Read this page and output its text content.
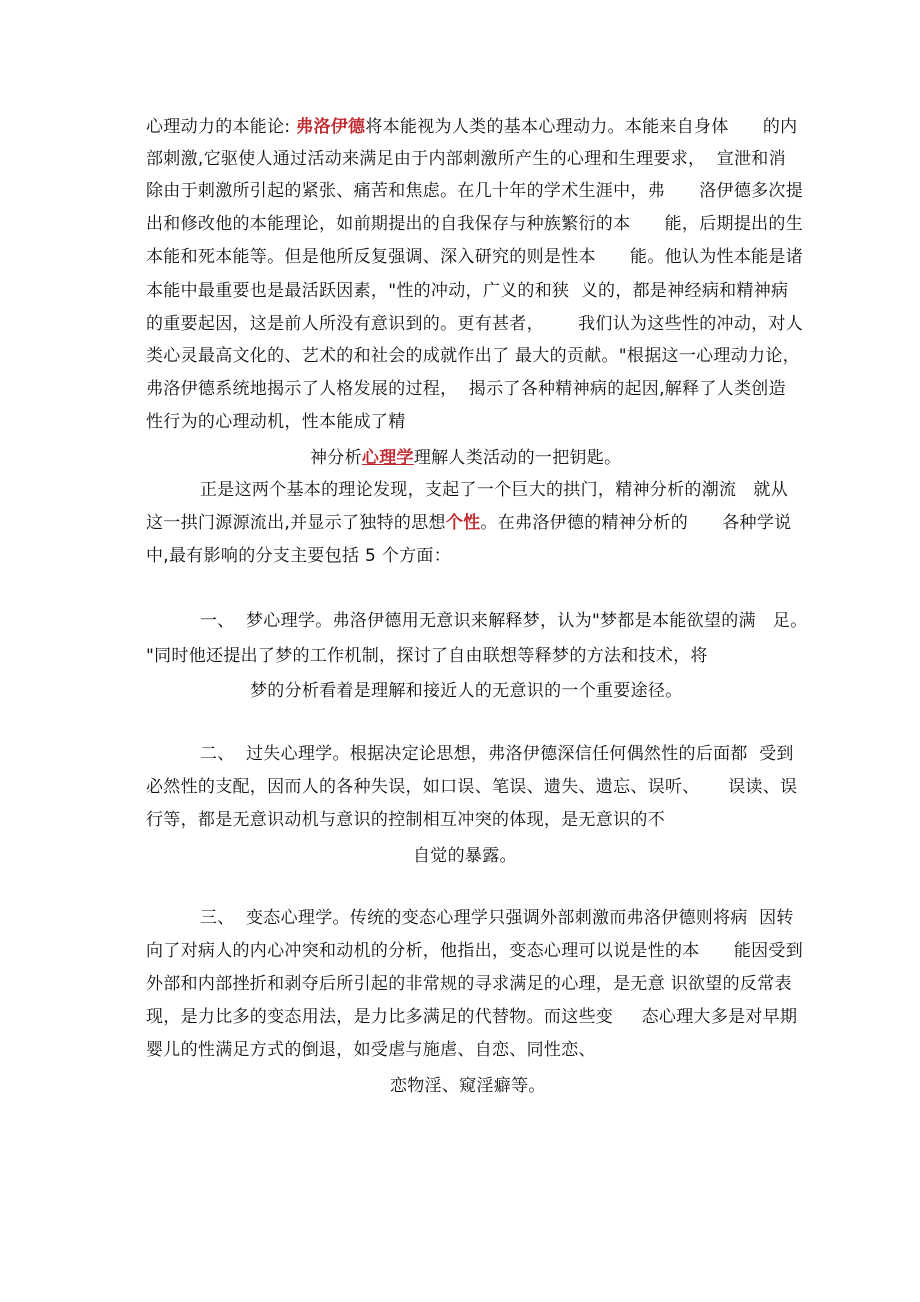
心理动力的本能论: 弗洛伊德将本能视为人类的基本心理动力。本能来自身体      的内
部刺激,它驱使人通过活动来满足由于内部刺激所产生的心理和生理要求，  宣泄和消
除由于刺激所引起的紧张、痛苦和焦虑。在几十年的学术生涯中，弗      洛伊德多次提
出和修改他的本能理论，如前期提出的自我保存与种族繁衍的本      能，后期提出的生
本能和死本能等。但是他所反复强调、深入研究的则是性本      能。他认为性本能是诸
本能中最重要也是最活跃因素，"性的冲动，广义的和狭  义的，都是神经病和精神病
的重要起因，这是前人所没有意识到的。更有甚者，      我们认为这些性的冲动，对人
类心灵最高文化的、艺术的和社会的成就作出了 最大的贡献。"根据这一心理动力论，
弗洛伊德系统地揭示了人格发展的过程，  揭示了各种精神病的起因,解释了人类创造
性行为的心理动机，性本能成了精
神分析心理学理解人类活动的一把钥匙。
正是这两个基本的理论发现，支起了一个巨大的拱门，精神分析的潮流   就从
这一拱门源源流出,并显示了独特的思想个性。在弗洛伊德的精神分析的      各种学说
中,最有影响的分支主要包括 5 个方面：
一、  梦心理学。弗洛伊德用无意识来解释梦，认为"梦都是本能欲望的满   足。
"同时他还提出了梦的工作机制，探讨了自由联想等释梦的方法和技术，将
梦的分析看着是理解和接近人的无意识的一个重要途径。
二、  过失心理学。根据决定论思想，弗洛伊德深信任何偶然性的后面都  受到
必然性的支配，因而人的各种失误，如口误、笔误、遗失、遗忘、误听、     误读、误
行等，都是无意识动机与意识的控制相互冲突的体现，是无意识的不
自觉的暴露。
三、  变态心理学。传统的变态心理学只强调外部刺激而弗洛伊德则将病  因转
向了对病人的内心冲突和动机的分析，他指出，变态心理可以说是性的本      能因受到
外部和内部挫折和剥夺后所引起的非常规的寻求满足的心理，是无意 识欲望的反常表
现，是力比多的变态用法，是力比多满足的代替物。而这些变     态心理大多是对早期
婴儿的性满足方式的倒退，如受虐与施虐、自恋、同性恋、
恋物淫、窥淫癖等。
